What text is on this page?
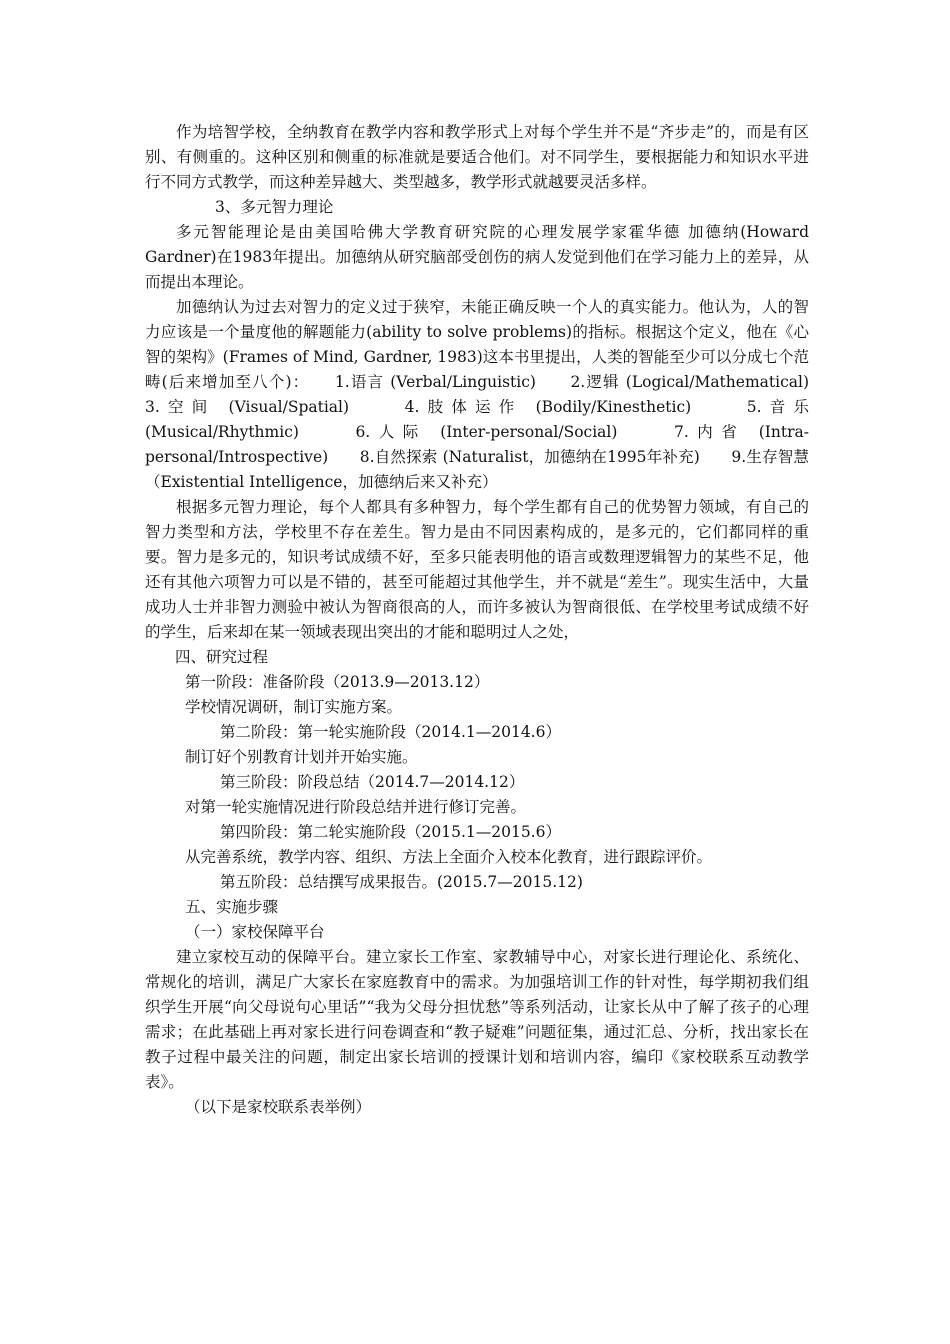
作为培智学校，全纳教育在教学内容和教学形式上对每个学生并不是“齐步走”的，而是有区别、有侧重的。这种区别和侧重的标准就是要适合他们。对不同学生，要根据能力和知识水平进行不同方式教学，而这种差异越大、类型越多，教学形式就越要灵活多样。

3、多元智力理论

多元智能理论是由美国哈佛大学教育研究院的心理发展学家霍华德 加德纳(Howard Gardner)在1983年提出。加德纳从研究脑部受创伤的病人发觉到他们在学习能力上的差异，从而提出本理论。

加德纳认为过去对智力的定义过于狭窄，未能正确反映一个人的真实能力。他认为，人的智力应该是一个量度他的解题能力(ability to solve problems)的指标。根据这个定义，他在《心智的架构》(Frames of Mind, Gardner, 1983)这本书里提出，人类的智能至少可以分成七个范畴(后来增加至八个)：　　1.语言 (Verbal/Linguistic)　　2.逻辑 (Logical/Mathematical)　　3.空间 (Visual/Spatial)　　4.肢体运作 (Bodily/Kinesthetic)　　5.音乐 (Musical/Rhythmic)　　6.人际 (Inter-personal/Social)　　7.内省 (Intra-personal/Introspective)　　8.自然探索 (Naturalist，加德纳在1995年补充)　　9.生存智慧（Existential Intelligence，加德纳后来又补充）

根据多元智力理论，每个人都具有多种智力，每个学生都有自己的优势智力领域，有自己的智力类型和方法，学校里不存在差生。智力是由不同因素构成的，是多元的，它们都同样的重要。智力是多元的，知识考试成绩不好，至多只能表明他的语言或数理逻辑智力的某些不足，他还有其他六项智力可以是不错的，甚至可能超过其他学生，并不就是“差生”。现实生活中，大量成功人士并非智力测验中被认为智商很高的人，而许多被认为智商很低、在学校里考试成绩不好的学生，后来却在某一领域表现出突出的才能和聪明过人之处，

四、研究过程

第一阶段：准备阶段（2013.9—2013.12）

学校情况调研，制订实施方案。

第二阶段：第一轮实施阶段（2014.1—2014.6）

制订好个别教育计划并开始实施。

第三阶段：阶段总结（2014.7—2014.12）

对第一轮实施情况进行阶段总结并进行修订完善。

第四阶段：第二轮实施阶段（2015.1—2015.6）

从完善系统，教学内容、组织、方法上全面介入校本化教育，进行跟踪评价。

第五阶段：总结撰写成果报告。(2015.7—2015.12)

五、实施步骤

（一）家校保障平台

建立家校互动的保障平台。建立家长工作室、家教辅导中心，对家长进行理论化、系统化、常规化的培训，满足广大家长在家庭教育中的需求。为加强培训工作的针对性，每学期初我们组织学生开展“向父母说句心里话”“我为父母分担忧愁”等系列活动，让家长从中了解了孩子的心理需求；在此基础上再对家长进行问卷调查和“教子疑难”问题征集，通过汇总、分析，找出家长在教子过程中最关注的问题，制定出家长培训的授课计划和培训内容，编印《家校联系互动教学表》。

（以下是家校联系表举例）
